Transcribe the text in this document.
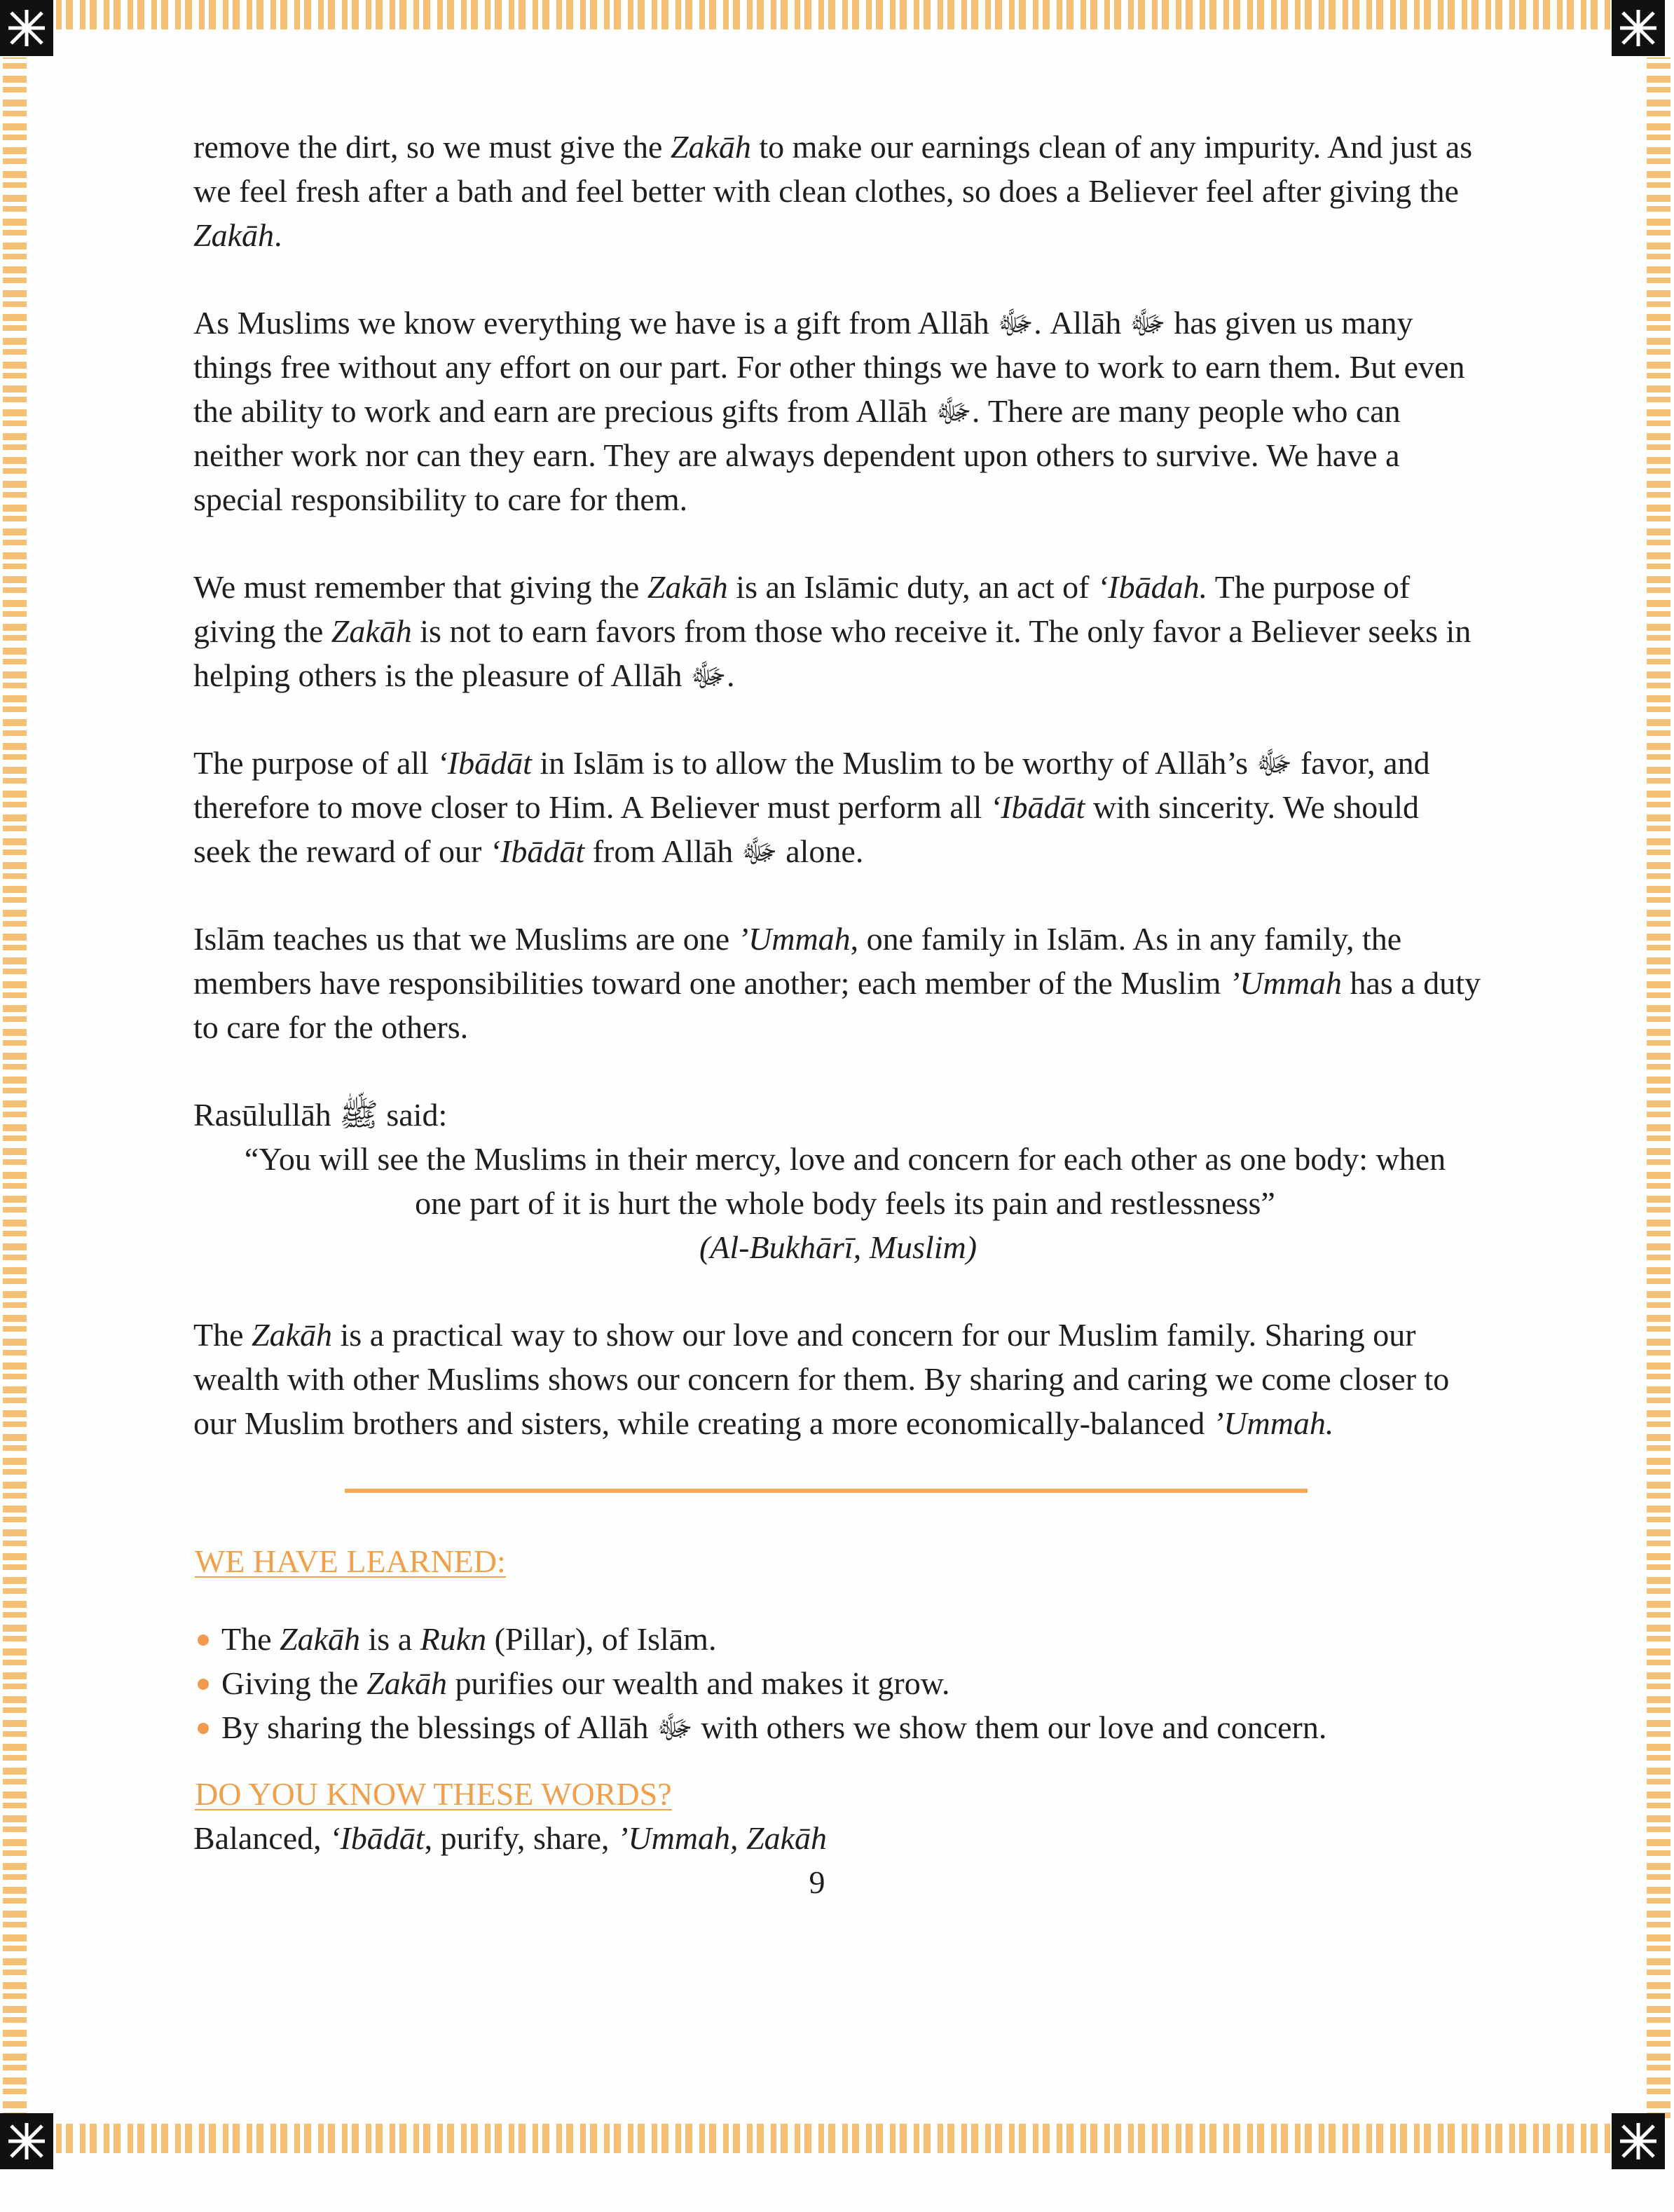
remove the dirt, so we must give the Zakāh to make our earnings clean of any impurity. And just as we feel fresh after a bath and feel better with clean clothes, so does a Believer feel after giving the Zakāh.

As Muslims we know everything we have is a gift from Allāh ﷻ. Allāh ﷻ has given us many things free without any effort on our part. For other things we have to work to earn them. But even the ability to work and earn are precious gifts from Allāh ﷻ. There are many people who can neither work nor can they earn. They are always dependent upon others to survive. We have a special responsibility to care for them.

We must remember that giving the Zakāh is an Islāmic duty, an act of ‘Ibādah. The purpose of giving the Zakāh is not to earn favors from those who receive it. The only favor a Believer seeks in helping others is the pleasure of Allāh ﷻ.

The purpose of all ‘Ibādāt in Islām is to allow the Muslim to be worthy of Allāh’s ﷻ favor, and therefore to move closer to Him. A Believer must perform all ‘Ibādāt with sincerity. We should seek the reward of our ‘Ibādāt from Allāh ﷻ alone.

Islām teaches us that we Muslims are one ’Ummah, one family in Islām. As in any family, the members have responsibilities toward one another; each member of the Muslim ’Ummah has a duty to care for the others.

Rasūlullāh ﷺ said:
“You will see the Muslims in their mercy, love and concern for each other as one body: when one part of it is hurt the whole body feels its pain and restlessness”
(Al-Bukhārī, Muslim)

The Zakāh is a practical way to show our love and concern for our Muslim family. Sharing our wealth with other Muslims shows our concern for them. By sharing and caring we come closer to our Muslim brothers and sisters, while creating a more economically-balanced ’Ummah.

WE HAVE LEARNED:
The Zakāh is a Rukn (Pillar), of Islām.
Giving the Zakāh purifies our wealth and makes it grow.
By sharing the blessings of Allāh ﷻ with others we show them our love and concern.
DO YOU KNOW THESE WORDS?
Balanced, ‘Ibādāt, purify, share, ’Ummah, Zakāh
9
